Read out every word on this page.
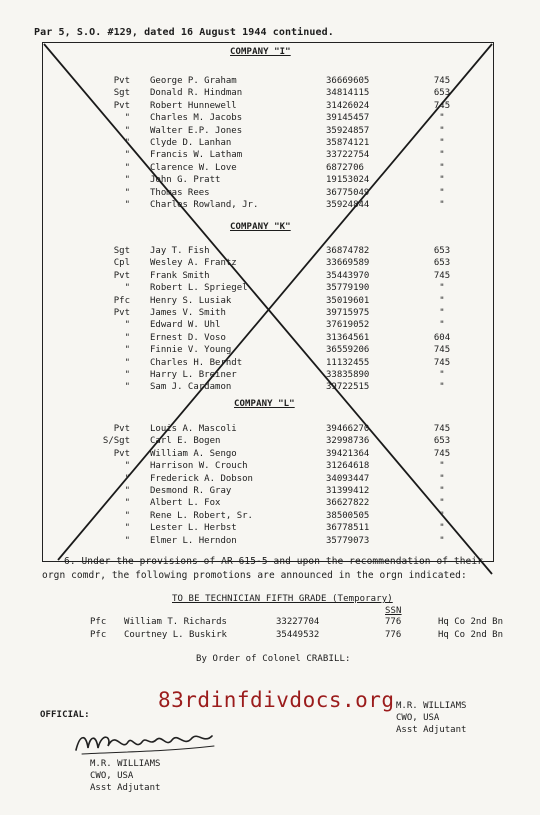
Par 5, S.O. #129, dated 16 August 1944 continued.
COMPANY "I"
Pvt George P. Graham	36669605	745
Sgt Donald R. Hindman	34814115	653
Pvt Robert Hunnewell	31426024	745
" Charles M. Jacobs	39145457	"
" Walter E.P. Jones	35924857	"
" Clyde D. Lanhan	35874121	"
" Francis W. Latham	33722754	"
" Clarence W. Love	6872706	"
" John G. Pratt	19153024	"
" Thomas Rees	36775049	"
" Charles Rowland, Jr.	35924844	"
COMPANY "K"
Sgt Jay T. Fish	36874782	653
Cpl Wesley A. Frantz	33669589	653
Pvt Frank Smith	35443970	745
" Robert L. Spriegel	35779190	"
Pfc Henry S. Lusiak	35019601	"
Pvt James V. Smith	39715975	"
" Edward W. Uhl	37619052	"
" Ernest D. Voso	31364561	604
" Finnie V. Young	36559206	745
" Charles H. Berndt	11132455	745
" Harry L. Breiner	33835890	"
" Sam J. Cardamon	39722515	"
COMPANY "L"
Pvt Louis A. Mascoli	39466270	745
S/Sgt Carl E. Bogen	32998736	653
Pvt William A. Sengo	39421364	745
" Harrison W. Crouch	31264618	"
" Frederick A. Dobson	34093447	"
" Desmond R. Gray	31399412	"
" Albert L. Fox	36627822	"
" Rene L. Robert, Sr.	38500505	"
" Lester L. Herbst	36778511	"
" Elmer L. Herndon	35779073	"
6. Under the provisions of AR 615-5 and upon the recommendation of their
orgn comdr, the following promotions are announced in the orgn indicated:
TO BE TECHNICIAN FIFTH GRADE (Temporary)
SSN
Pfc William T. Richards	33227704	776	Hq Co 2nd Bn
Pfc Courtney L. Buskirk	35449532	776	Hq Co 2nd Bn
By Order of Colonel CRABILL:
83rdinfdivdocs.org M.R. WILLIAMS
CWO, USA
Asst Adjutant
OFFICIAL:
M.R. WILLIAMS
CWO, USA
Asst Adjutant
